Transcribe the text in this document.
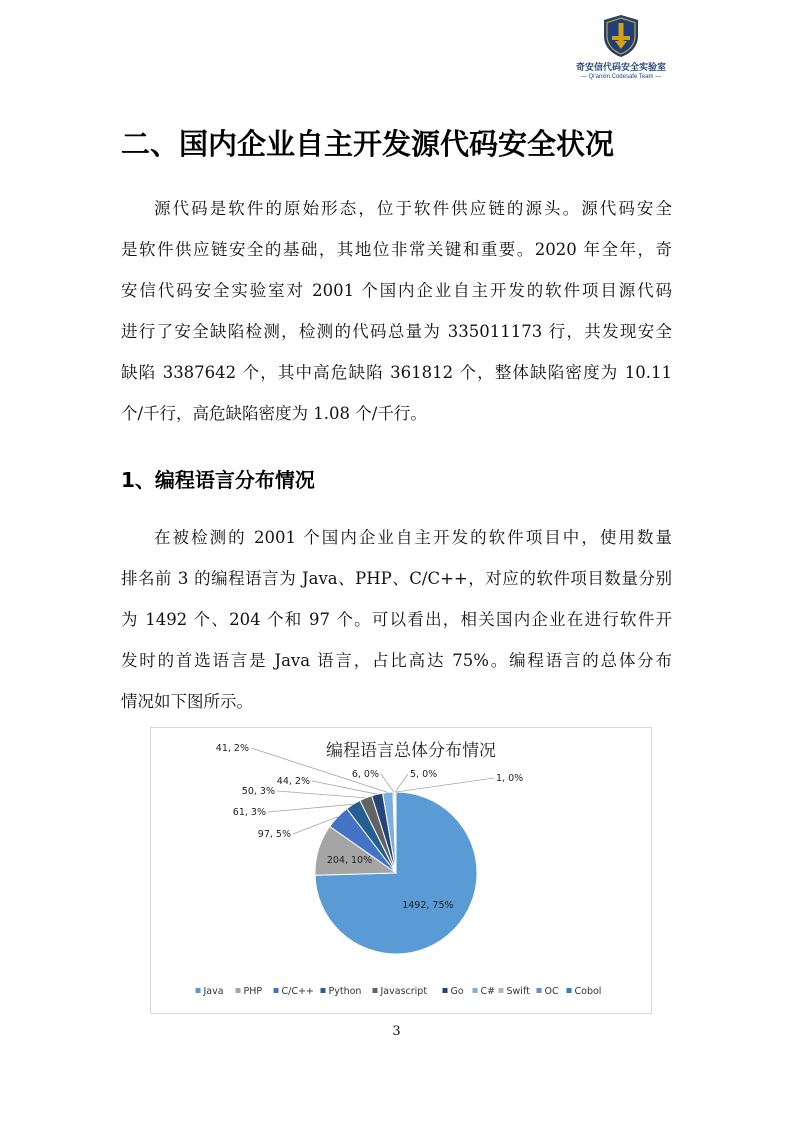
奇安信代码安全实验室
— Qi'anxin Codesafe Team —
二、国内企业自主开发源代码安全状况
源代码是软件的原始形态，位于软件供应链的源头。源代码安全
是软件供应链安全的基础，其地位非常关键和重要。2020 年全年，奇
安信代码安全实验室对 2001 个国内企业自主开发的软件项目源代码
进行了安全缺陷检测，检测的代码总量为 335011173 行，共发现安全
缺陷 3387642 个，其中高危缺陷 361812 个，整体缺陷密度为 10.11
个/千行，高危缺陷密度为 1.08 个/千行。
1、编程语言分布情况
在被检测的 2001 个国内企业自主开发的软件项目中，使用数量
排名前 3 的编程语言为 Java、PHP、C/C++，对应的软件项目数量分别
为 1492 个、204 个和 97 个。可以看出，相关国内企业在进行软件开
发时的首选语言是 Java 语言，占比高达 75%。编程语言的总体分布
情况如下图所示。
编程语言总体分布情况
1492, 75%
204, 10%
97, 5%
61, 3%
50, 3%
44, 2%
41, 2%
6, 0%	5, 0%	1, 0%
Java PHP C/C++ Python Javascript Go C# Swift OC Cobol
3
